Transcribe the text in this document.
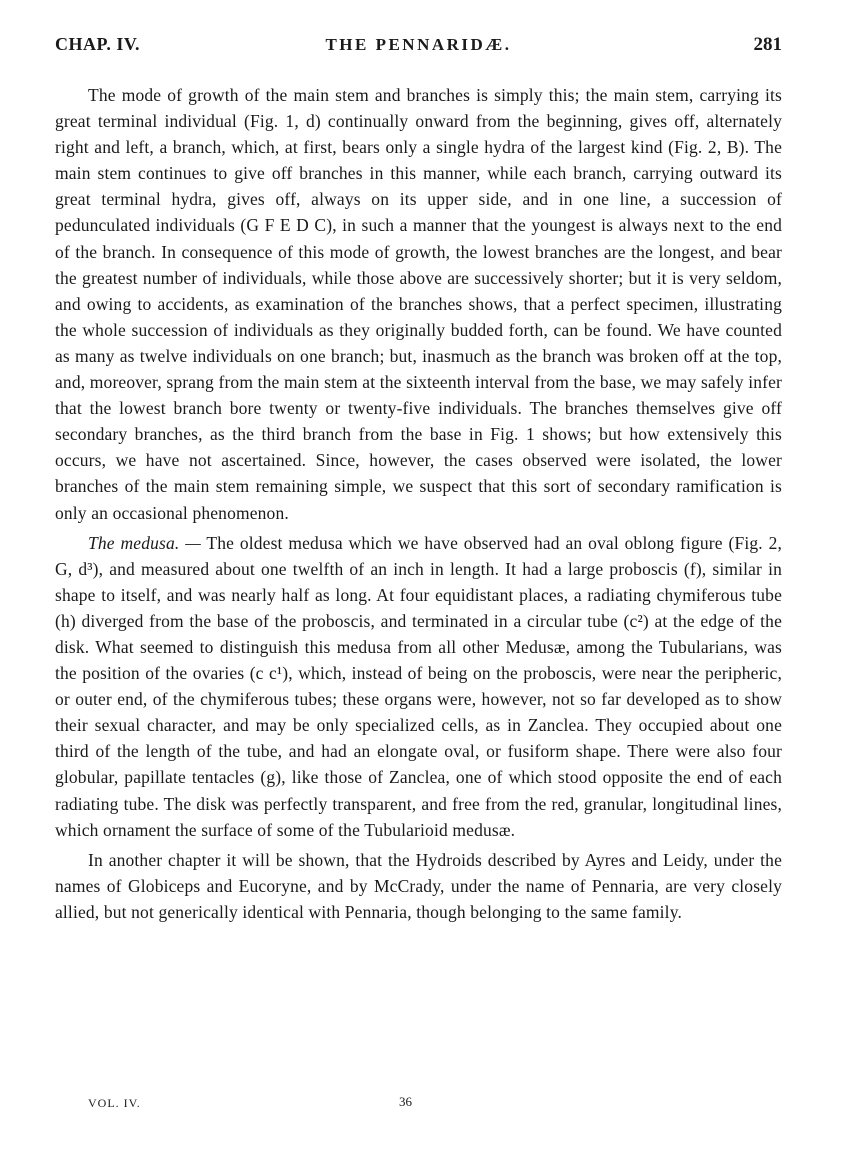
CHAP. IV.	THE PENNARIDÆ.	281

The mode of growth of the main stem and branches is simply this; the main stem, carrying its great terminal individual (Fig. 1, d) continually onward from the beginning, gives off, alternately right and left, a branch, which, at first, bears only a single hydra of the largest kind (Fig. 2, B). The main stem continues to give off branches in this manner, while each branch, carrying outward its great terminal hydra, gives off, always on its upper side, and in one line, a succession of pedunculated individuals (G F E D C), in such a manner that the youngest is always next to the end of the branch. In consequence of this mode of growth, the lowest branches are the longest, and bear the greatest number of individuals, while those above are successively shorter; but it is very seldom, and owing to accidents, as examination of the branches shows, that a perfect specimen, illustrating the whole succession of individuals as they originally budded forth, can be found. We have counted as many as twelve individuals on one branch; but, inasmuch as the branch was broken off at the top, and, moreover, sprang from the main stem at the sixteenth interval from the base, we may safely infer that the lowest branch bore twenty or twenty-five individuals. The branches themselves give off secondary branches, as the third branch from the base in Fig. 1 shows; but how extensively this occurs, we have not ascertained. Since, however, the cases observed were isolated, the lower branches of the main stem remaining simple, we suspect that this sort of secondary ramification is only an occasional phenomenon.

The medusa. — The oldest medusa which we have observed had an oval oblong figure (Fig. 2, G, d³), and measured about one twelfth of an inch in length. It had a large proboscis (f), similar in shape to itself, and was nearly half as long. At four equidistant places, a radiating chymiferous tube (h) diverged from the base of the proboscis, and terminated in a circular tube (c²) at the edge of the disk. What seemed to distinguish this medusa from all other Medusæ, among the Tubularians, was the position of the ovaries (c c¹), which, instead of being on the proboscis, were near the peripheric, or outer end, of the chymiferous tubes; these organs were, however, not so far developed as to show their sexual character, and may be only specialized cells, as in Zanclea. They occupied about one third of the length of the tube, and had an elongate oval, or fusiform shape. There were also four globular, papillate tentacles (g), like those of Zanclea, one of which stood opposite the end of each radiating tube. The disk was perfectly transparent, and free from the red, granular, longitudinal lines, which ornament the surface of some of the Tubularioid medusæ.

In another chapter it will be shown, that the Hydroids described by Ayres and Leidy, under the names of Globiceps and Eucoryne, and by McCrady, under the name of Pennaria, are very closely allied, but not generically identical with Pennaria, though belonging to the same family.

VOL. IV.	36
